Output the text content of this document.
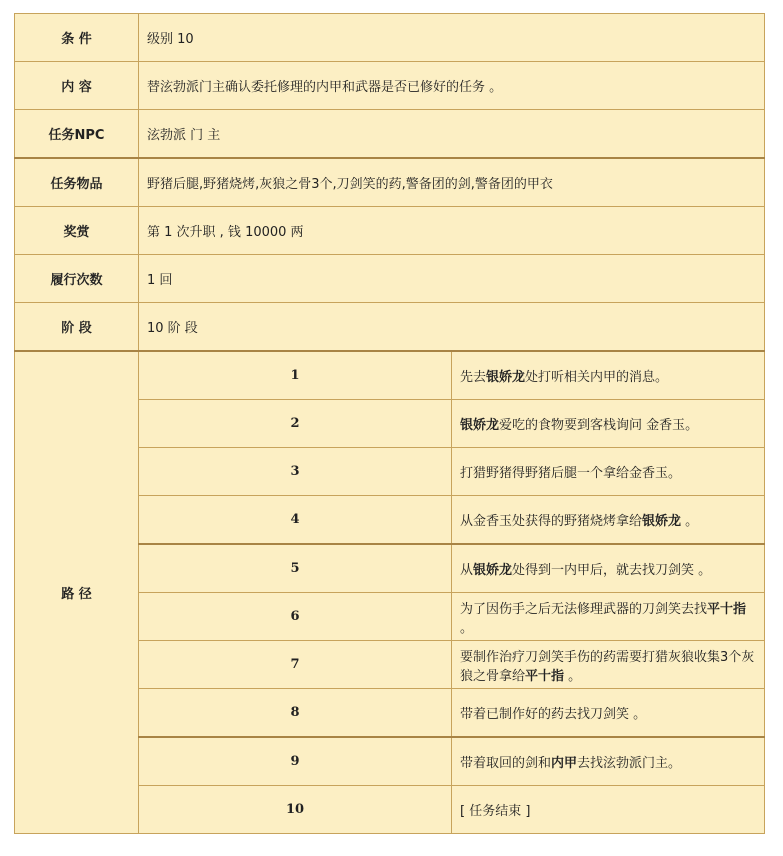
条 件	级别 10	
内 容	替泫勃派门主确认委托修理的内甲和武器是否已修好的任务 。	
任务NPC	泫勃派 门 主	
任务物品	野猪后腿,野猪烧烤,灰狼之骨3个,刀剑笑的药,警备团的剑,警备团的甲衣	
奖赏	第 1 次升职 , 钱 10000 两	
履行次数	1 回	
阶 段	10 阶 段	
路 径	1	先去银娇龙处打听相关内甲的消息。
	2	银娇龙爱吃的食物要到客栈询问 金香玉。
	3	打猎野猪得野猪后腿一个拿给金香玉。
	4	从金香玉处获得的野猪烧烤拿给银娇龙 。
	5	从银娇龙处得到一内甲后，就去找刀剑笑 。
	6	为了因伤手之后无法修理武器的刀剑笑去找平十指 。
	7	要制作治疗刀剑笑手伤的药需要打猎灰狼收集3个灰狼之骨拿给平十指 。
	8	带着已制作好的药去找刀剑笑 。
	9	带着取回的剑和内甲去找泫勃派门主。
	10	[ 任务结束 ]
